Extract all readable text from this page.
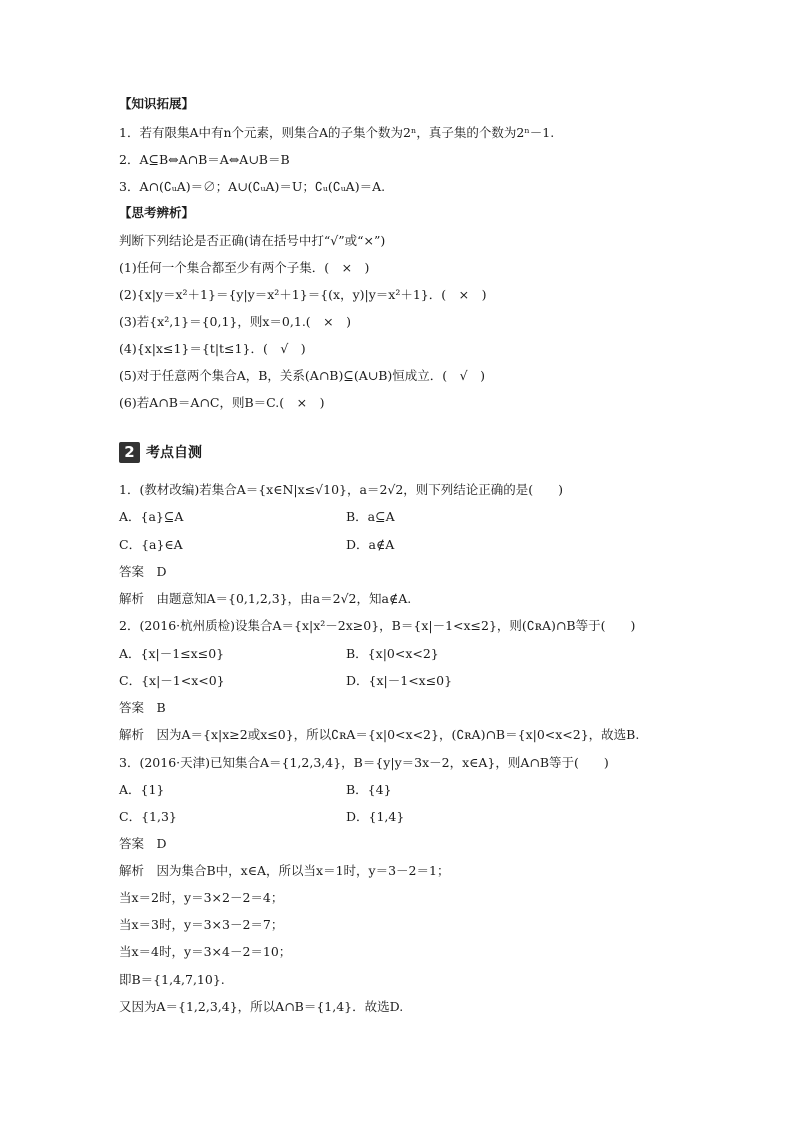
【知识拓展】
1．若有限集A中有n个元素，则集合A的子集个数为2ⁿ，真子集的个数为2ⁿ－1.
2．A⊆B⇔A∩B＝A⇔A∪B＝B
3．A∩(∁ᵤA)＝∅；A∪(∁ᵤA)＝U；∁ᵤ(∁ᵤA)＝A.
【思考辨析】
判断下列结论是否正确(请在括号中打“√”或“×”)
(1)任何一个集合都至少有两个子集．(　×　)
(2){x|y＝x²＋1}＝{y|y＝x²＋1}＝{(x，y)|y＝x²＋1}．(　×　)
(3)若{x²,1}＝{0,1}，则x＝0,1.(　×　)
(4){x|x≤1}＝{t|t≤1}．(　√　)
(5)对于任意两个集合A，B，关系(A∩B)⊆(A∪B)恒成立．(　√　)
(6)若A∩B＝A∩C，则B＝C.(　×　)
2 考点自测
1．(教材改编)若集合A＝{x∈N|x≤√10}，a＝2√2，则下列结论正确的是(　　)
A．{a}⊆A	B．a⊆A
C．{a}∈A	D．a∉A
答案　D
解析　由题意知A＝{0,1,2,3}，由a＝2√2，知a∉A.
2．(2016·杭州质检)设集合A＝{x|x²－2x≥0}，B＝{x|－1<x≤2}，则(∁ʀA)∩B等于(　　)
A．{x|－1≤x≤0}	B．{x|0<x<2}
C．{x|－1<x<0}	D．{x|－1<x≤0}
答案　B
解析　因为A＝{x|x≥2或x≤0}，所以∁ʀA＝{x|0<x<2}，(∁ʀA)∩B＝{x|0<x<2}，故选B.
3．(2016·天津)已知集合A＝{1,2,3,4}，B＝{y|y＝3x－2，x∈A}，则A∩B等于(　　)
A．{1}	B．{4}
C．{1,3}	D．{1,4}
答案　D
解析　因为集合B中，x∈A，所以当x＝1时，y＝3－2＝1；
当x＝2时，y＝3×2－2＝4；
当x＝3时，y＝3×3－2＝7；
当x＝4时，y＝3×4－2＝10；
即B＝{1,4,7,10}.
又因为A＝{1,2,3,4}，所以A∩B＝{1,4}．故选D.
